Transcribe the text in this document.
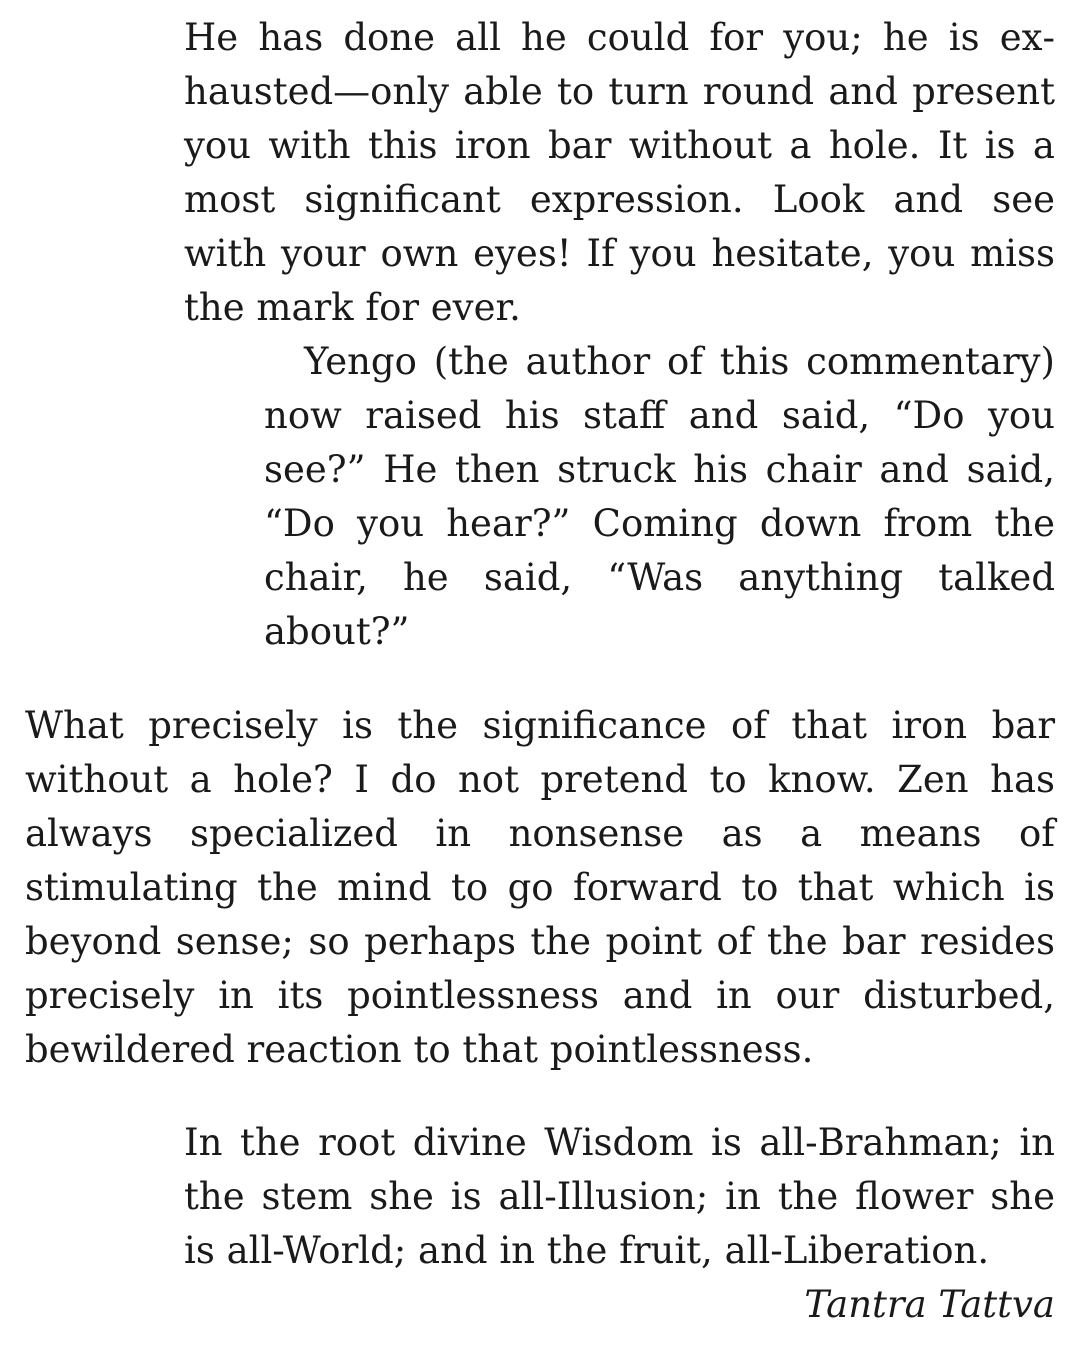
He has done all he could for you; he is exhausted—only able to turn round and present you with this iron bar without a hole. It is a most significant expression. Look and see with your own eyes! If you hesitate, you miss the mark for ever.

Yengo (the author of this commentary) now raised his staff and said, “Do you see?” He then struck his chair and said, “Do you hear?” Coming down from the chair, he said, “Was anything talked about?”

What precisely is the significance of that iron bar without a hole? I do not pretend to know. Zen has always specialized in nonsense as a means of stimulating the mind to go forward to that which is beyond sense; so perhaps the point of the bar resides precisely in its pointlessness and in our disturbed, bewildered reaction to that pointlessness.

In the root divine Wisdom is all-Brahman; in the stem she is all-Illusion; in the flower she is all-World; and in the fruit, all-Liberation.

Tantra Tattva
